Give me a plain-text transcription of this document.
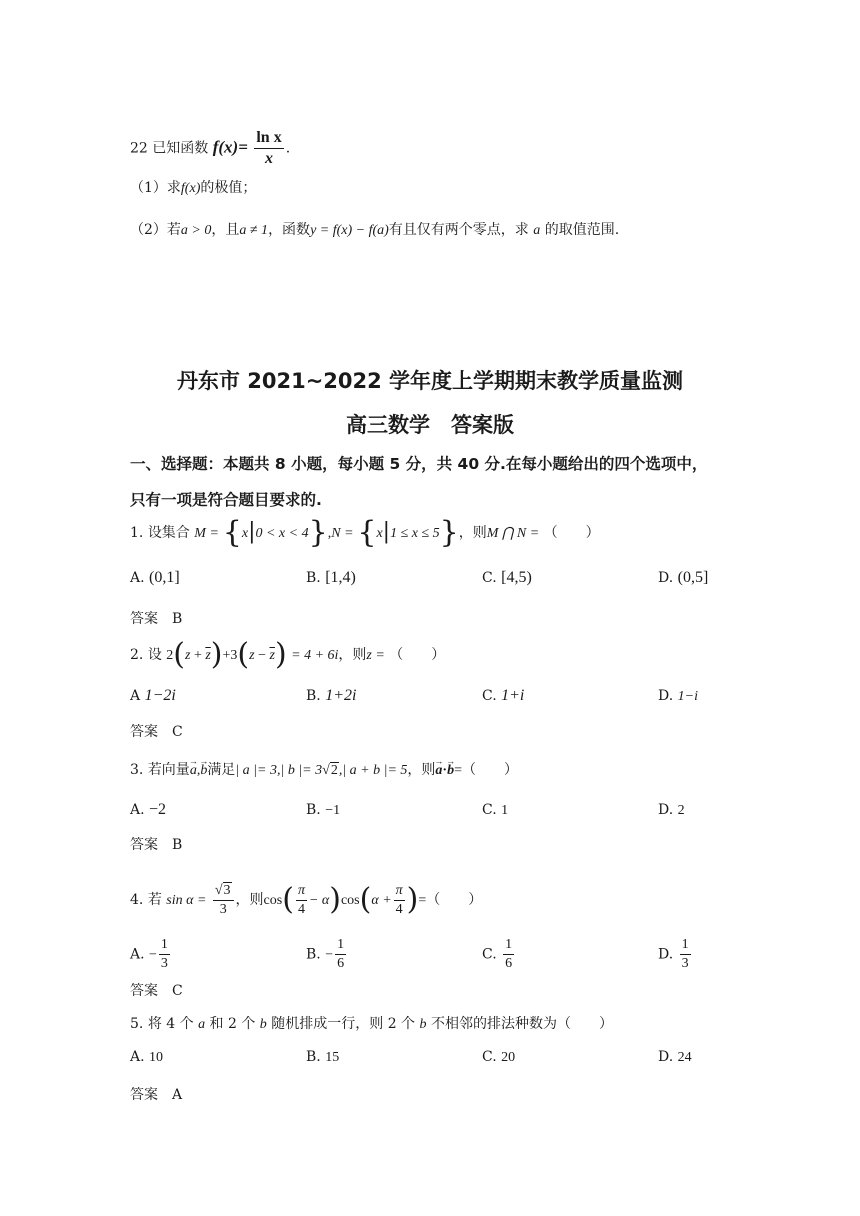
22 已知函数 $f(x)= \frac{\text{ln x}}{x}$ .
（1）求f(x)的极值；
（2）若a > 0，且a ≠ 1，函数y = f(x) − f(a)有且仅有两个零点，求 a 的取值范围.
丹东市 2021~2022 学年度上学期期末教学质量监测
高三数学　答案版
一、选择题：本题共 8 小题，每小题 5 分，共 40 分.在每小题给出的四个选项中，
只有一项是符合题目要求的.
1. 设集合 M = {x|0 < x < 4},N = {x|1 ≤ x ≤ 5}，则M ⋂ N = （　　）
A. (0,1]	B. [1,4)	C. [4,5)	D. (0,5]
答案　B
2. 设 $2(z + \overline{z})+3(z - \overline{z}) = 4 + 6i$，则z = （　　）
A 1−2i	B. 1+2i	C. 1+i	D. 1−i
答案　C
3. 若向量→ a,→ b满足| a |= 3,| b |= 3√2,| a + b |= 5，则→ a·→ b=（　　）
A. −2	B. −1	C. 1	D. 2
答案　B
4. 若 $\sin \alpha = \frac{√3}{3}$ ，则$\cos( \frac{\pi}{4} - \alpha)\cos(\alpha + \frac{\pi}{4}$ )=（　　）
A. − $\frac{1}{3}$	B. − $\frac{1}{6}$	C. $\frac{1}{6}$	D. $\frac{1}{3}$
答案　C
5. 将 4 个 a 和 2 个 b 随机排成一行，则 2 个 b 不相邻的排法种数为（　　）
A. 10	B. 15	C. 20	D. 24
答案　A
